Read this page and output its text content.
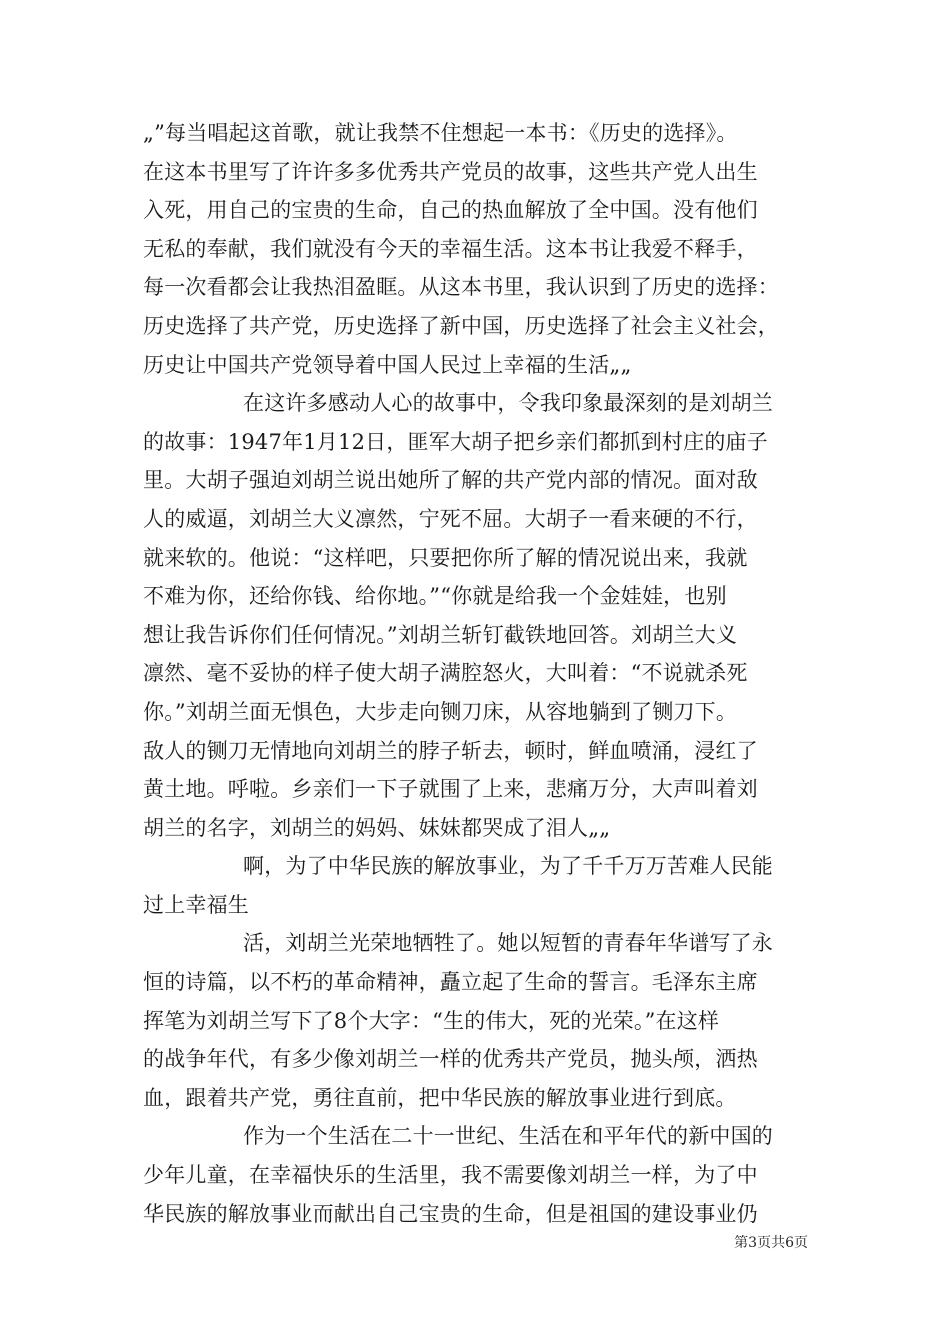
„”每当唱起这首歌，就让我禁不住想起一本书：《历史的选择》。
在这本书里写了许许多多优秀共产党员的故事，这些共产党人出生
入死，用自己的宝贵的生命，自己的热血解放了全中国。没有他们
无私的奉献，我们就没有今天的幸福生活。这本书让我爱不释手，
每一次看都会让我热泪盈眶。从这本书里，我认识到了历史的选择：
历史选择了共产党，历史选择了新中国，历史选择了社会主义社会，
历史让中国共产党领导着中国人民过上幸福的生活„„
在这许多感动人心的故事中，令我印象最深刻的是刘胡兰
的故事：1947年1月12日，匪军大胡子把乡亲们都抓到村庄的庙子
里。大胡子强迫刘胡兰说出她所了解的共产党内部的情况。面对敌
人的威逼，刘胡兰大义凛然，宁死不屈。大胡子一看来硬的不行，
就来软的。他说：“这样吧，只要把你所了解的情况说出来，我就
不难为你，还给你钱、给你地。”“你就是给我一个金娃娃，也别
想让我告诉你们任何情况。”刘胡兰斩钉截铁地回答。刘胡兰大义
凛然、毫不妥协的样子使大胡子满腔怒火，大叫着：“不说就杀死
你。”刘胡兰面无惧色，大步走向铡刀床，从容地躺到了铡刀下。
敌人的铡刀无情地向刘胡兰的脖子斩去，顿时，鲜血喷涌，浸红了
黄土地。呼啦。乡亲们一下子就围了上来，悲痛万分，大声叫着刘
胡兰的名字，刘胡兰的妈妈、妹妹都哭成了泪人„„
啊，为了中华民族的解放事业，为了千千万万苦难人民能
过上幸福生
活，刘胡兰光荣地牺牲了。她以短暂的青春年华谱写了永
恒的诗篇，以不朽的革命精神，矗立起了生命的誓言。毛泽东主席
挥笔为刘胡兰写下了8个大字：“生的伟大，死的光荣。”在这样
的战争年代，有多少像刘胡兰一样的优秀共产党员，抛头颅，洒热
血，跟着共产党，勇往直前，把中华民族的解放事业进行到底。
作为一个生活在二十一世纪、生活在和平年代的新中国的
少年儿童，在幸福快乐的生活里，我不需要像刘胡兰一样，为了中
华民族的解放事业而献出自己宝贵的生命，但是祖国的建设事业仍
第3页共6页
